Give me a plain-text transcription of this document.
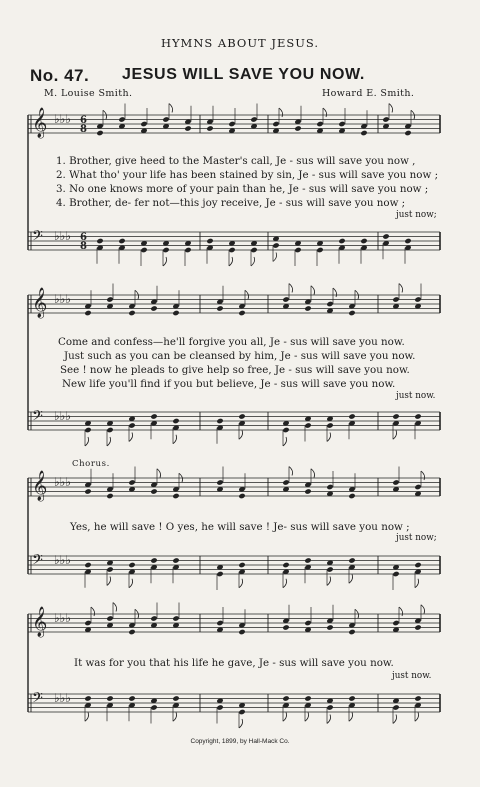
HYMNS ABOUT JESUS.
No. 47. JESUS WILL SAVE YOU NOW.
M. Louise Smith.	Howard E. Smith.
𝄞 ♭♭♭ 6
8
𝄢 ♭♭♭ 6
8
𝄞 ♭♭♭
𝄢 ♭♭♭
𝄞 ♭♭♭
𝄢 ♭♭♭
𝄞 ♭♭♭
𝄢 ♭♭♭
1. Brother, give heed to the Master's call, Je - sus will save you now ,
2. What tho' your life has been stained by sin, Je - sus will save you now ;
3. No one knows more of your pain than he, Je - sus will save you now ;
4. Brother, de- fer not—this joy receive, Je - sus will save you now ;
just now;
Come and confess—he'll forgive you all, Je - sus will save you now.
Just such as you can be cleansed by him, Je - sus will save you now.
See ! now he pleads to give help so free, Je - sus will save you now.
New life you'll find if you but believe, Je - sus will save you now.
just now.
Chorus.
Yes, he will save ! O yes, he will save ! Je- sus will save you now ;
just now;
It was for you that his life he gave, Je - sus will save you now.
just now.
Copyright, 1899, by Hall-Mack Co.
